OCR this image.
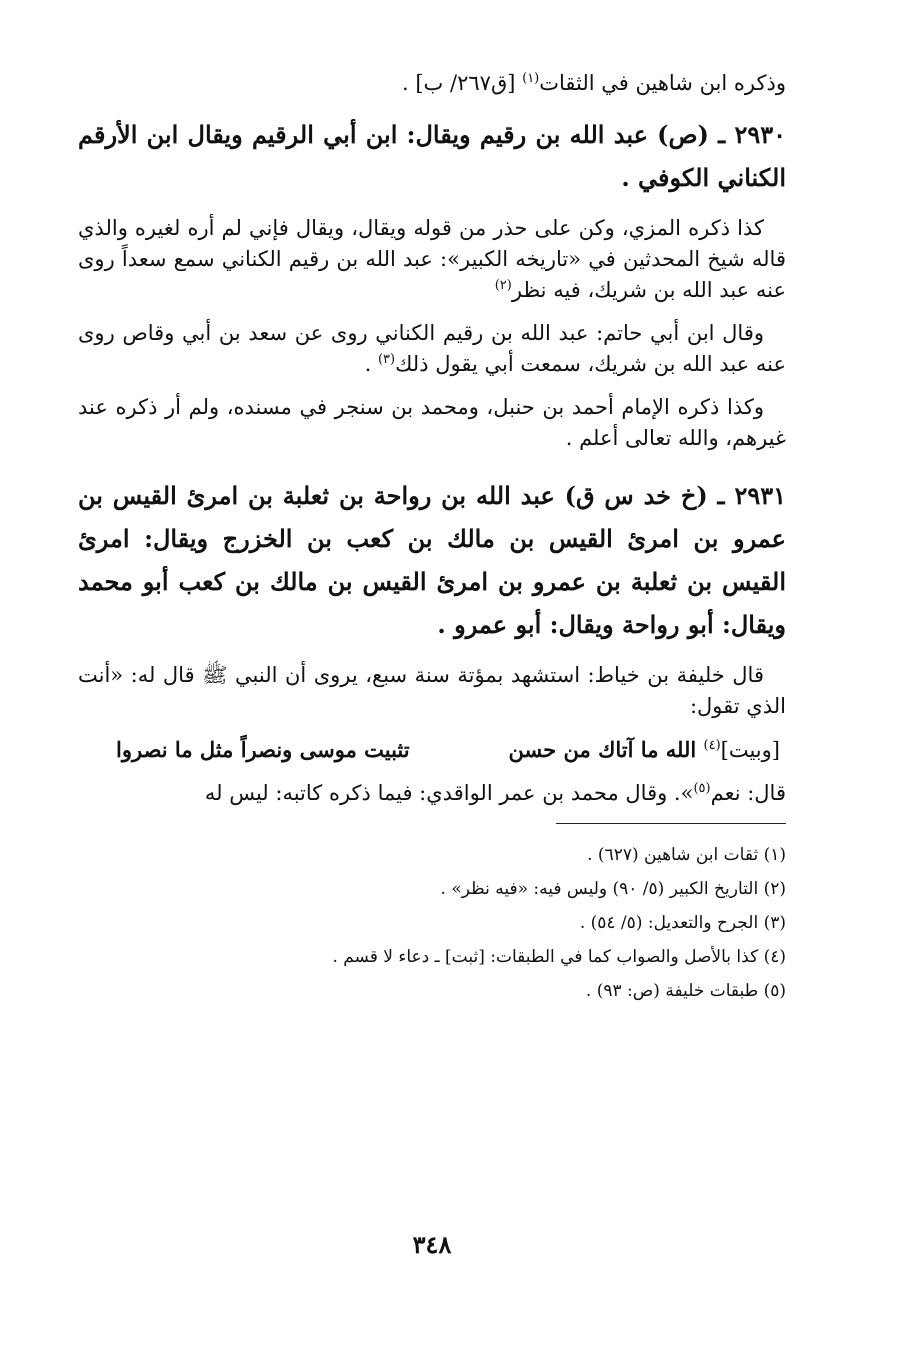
وذكره ابن شاهين في الثقات$^{(١)}$ [ق٢٦٧/ ب] .

٢٩٣٠ ـ (ص) عبد الله بن رقيم ويقال: ابن أبي الرقيم ويقال ابن الأرقم الكناني الكوفي .

كذا ذكره المزي، وكن على حذر من قوله ويقال، ويقال فإني لم أره لغيره والذي قاله شيخ المحدثين في «تاريخه الكبير»: عبد الله بن رقيم الكناني سمع سعداً روى عنه عبد الله بن شريك، فيه نظر$^{(٢)}$

وقال ابن أبي حاتم: عبد الله بن رقيم الكناني روى عن سعد بن أبي وقاص روى عنه عبد الله بن شريك، سمعت أبي يقول ذلك$^{(٣)}$ .

وكذا ذكره الإمام أحمد بن حنبل، ومحمد بن سنجر في مسنده، ولم أر ذكره عند غيرهم، والله تعالى أعلم .

٢٩٣١ ـ (خ خد س ق) عبد الله بن رواحة بن ثعلبة بن امرئ القيس بن عمرو بن امرئ القيس بن مالك بن كعب بن الخزرج ويقال: امرئ القيس بن ثعلبة بن عمرو بن امرئ القيس بن مالك بن كعب أبو محمد ويقال: أبو رواحة ويقال: أبو عمرو .

قال خليفة بن خياط: استشهد بمؤتة سنة سبع، يروى أن النبي ﷺ قال له: «أنت الذي تقول:

[وبيت]$^{(٤)}$ الله ما آتاك من حسن
تثبيت موسى ونصراً مثل ما نصروا

قال: نعم$^{(٥)}$». وقال محمد بن عمر الواقدي: فيما ذكره كاتبه: ليس له

(١) ثقات ابن شاهين (٦٢٧) .

(٢) التاريخ الكبير (٥/ ٩٠) وليس فيه: «فيه نظر» .

(٣) الجرح والتعديل: (٥/ ٥٤) .

(٤) كذا بالأصل والصواب كما في الطبقات: [ثبت] ـ دعاء لا قسم .

(٥) طبقات خليفة (ص: ٩٣) .

٣٤٨
